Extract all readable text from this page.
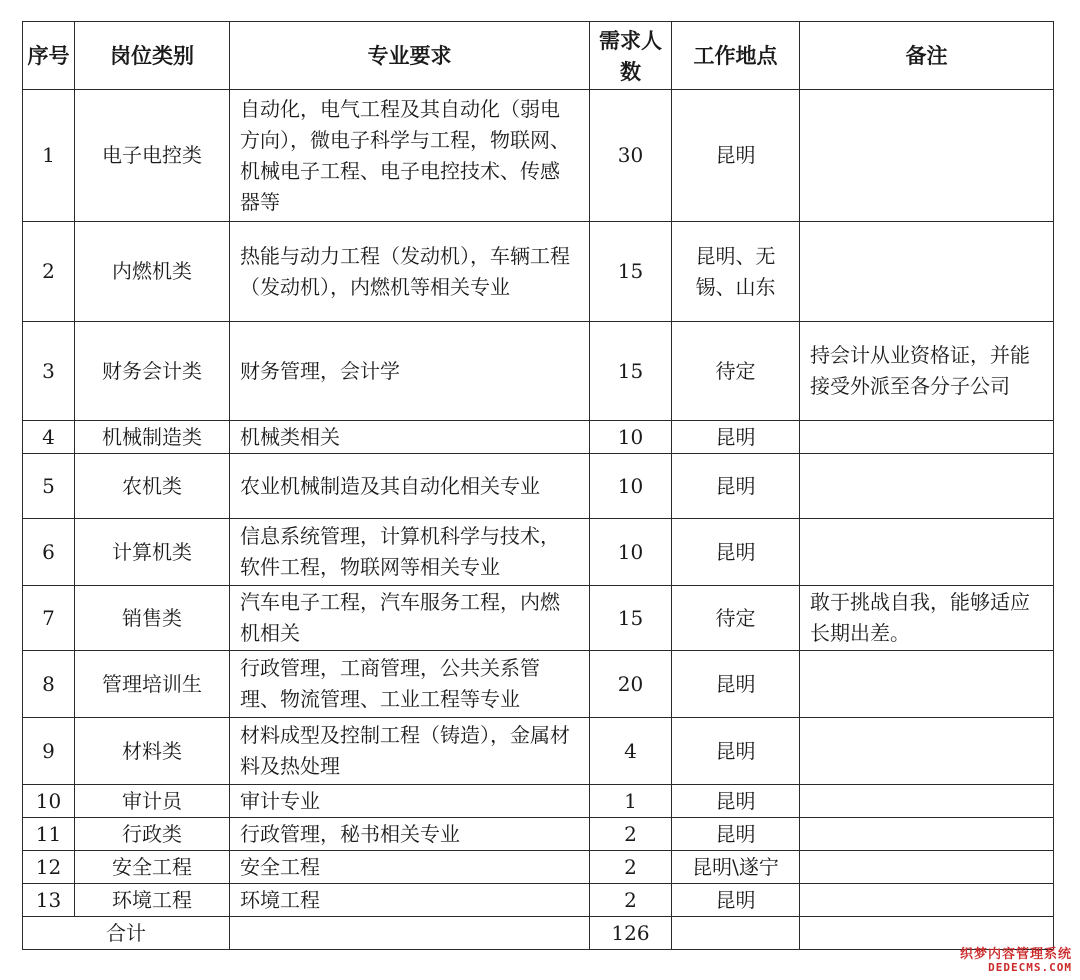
序号	岗位类别	专业要求	需求人数	工作地点	备注
1	电子电控类	自动化，电气工程及其自动化（弱电方向），微电子科学与工程，物联网、机械电子工程、电子电控技术、传感器等	30	昆明	
2	内燃机类	热能与动力工程（发动机），车辆工程（发动机），内燃机等相关专业	15	昆明、无锡、山东	
3	财务会计类	财务管理，会计学	15	待定	持会计从业资格证，并能接受外派至各分子公司
4	机械制造类	机械类相关	10	昆明	
5	农机类	农业机械制造及其自动化相关专业	10	昆明	
6	计算机类	信息系统管理，计算机科学与技术，软件工程，物联网等相关专业	10	昆明	
7	销售类	汽车电子工程，汽车服务工程，内燃机相关	15	待定	敢于挑战自我，能够适应长期出差。
8	管理培训生	行政管理，工商管理，公共关系管理、物流管理、工业工程等专业	20	昆明	
9	材料类	材料成型及控制工程（铸造），金属材料及热处理	4	昆明	
10	审计员	审计专业	1	昆明	
11	行政类	行政管理，秘书相关专业	2	昆明	
12	安全工程	安全工程	2	昆明\遂宁	
13	环境工程	环境工程	2	昆明	
合计			126		
织梦内容管理系统
DEDECMS.COM
